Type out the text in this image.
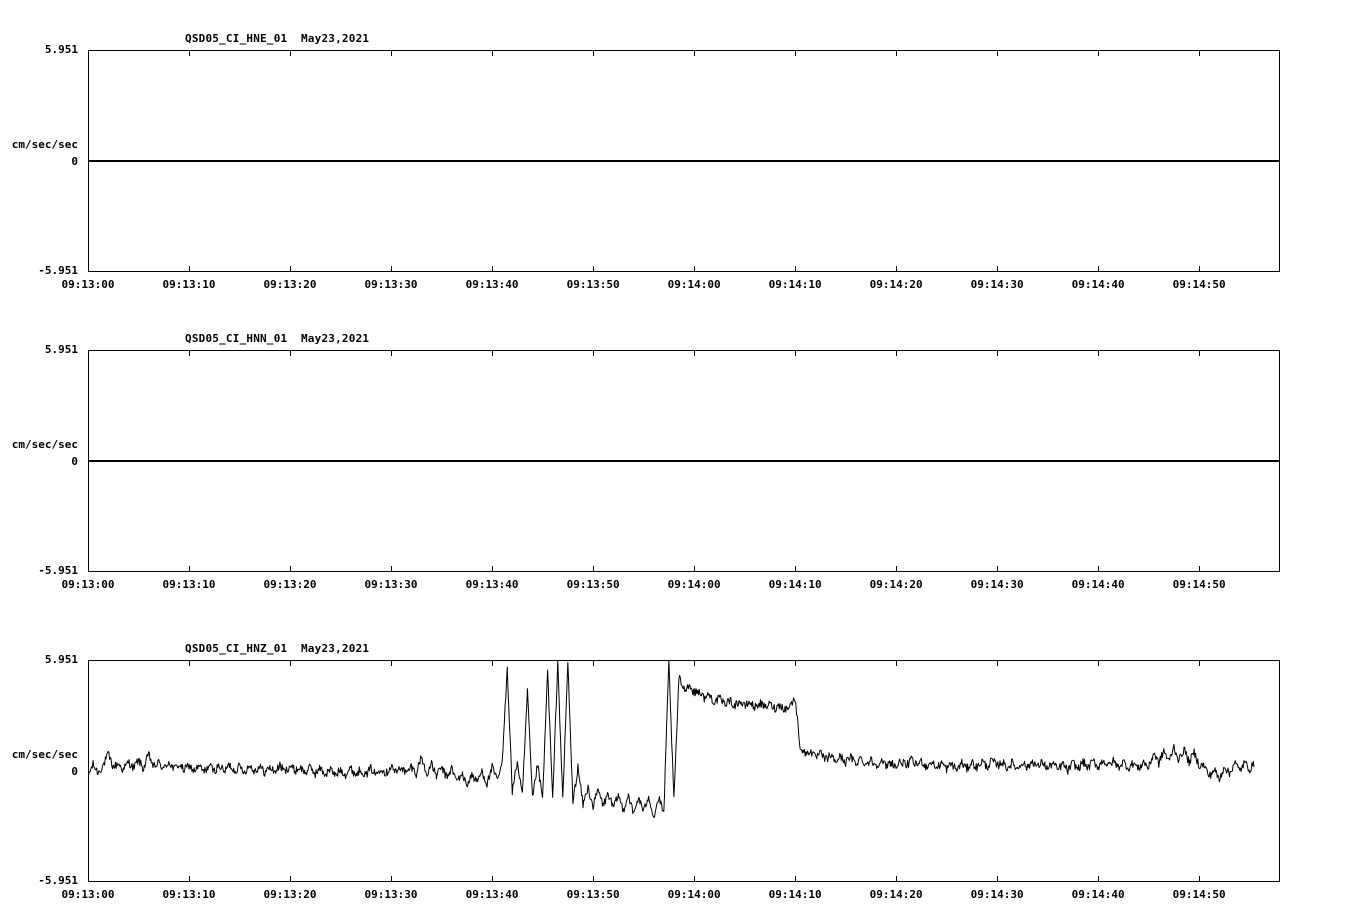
QSD05_CI_HNE_01  May23,2021
5.951
cm/sec/sec
0
-5.951
09:13:00	09:13:10	09:13:20	09:13:30	09:13:40	09:13:50	09:14:00	09:14:10	09:14:20	09:14:30	09:14:40	09:14:50
QSD05_CI_HNN_01  May23,2021
5.951
cm/sec/sec
0
-5.951
09:13:00	09:13:10	09:13:20	09:13:30	09:13:40	09:13:50	09:14:00	09:14:10	09:14:20	09:14:30	09:14:40	09:14:50
QSD05_CI_HNZ_01  May23,2021
5.951
cm/sec/sec
0
-5.951
09:13:00	09:13:10	09:13:20	09:13:30	09:13:40	09:13:50	09:14:00	09:14:10	09:14:20	09:14:30	09:14:40	09:14:50
